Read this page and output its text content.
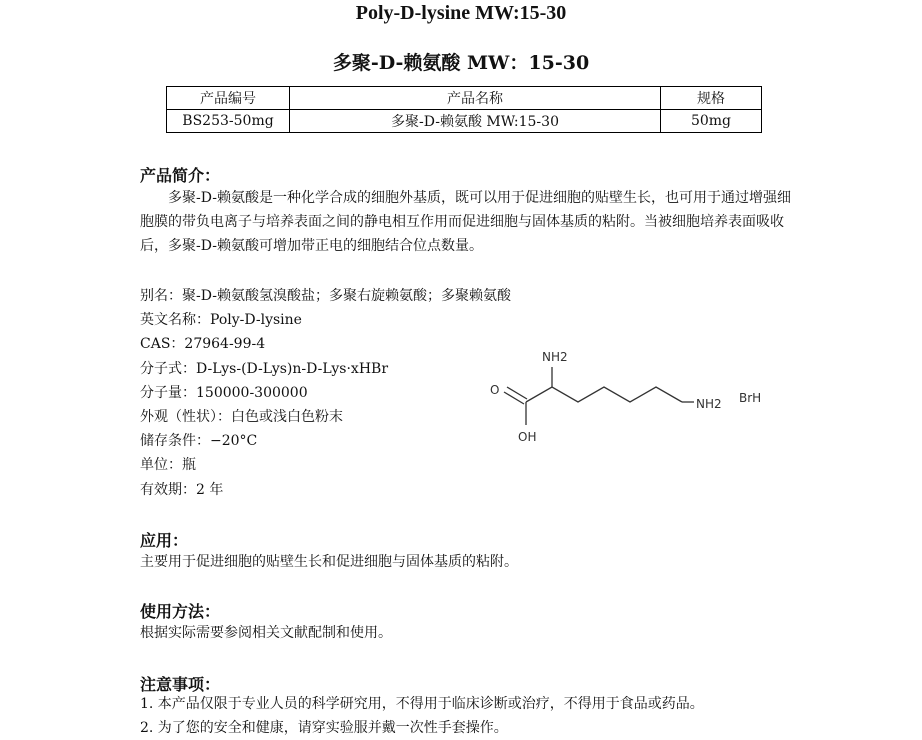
Poly-D-lysine MW:15-30
多聚-D-赖氨酸 MW：15-30
产品编号	产品名称	规格
BS253-50mg	多聚-D-赖氨酸 MW:15-30	50mg
产品简介：
多聚-D-赖氨酸是一种化学合成的细胞外基质，既可以用于促进细胞的贴壁生长，也可用于通过增强细胞膜的带负电离子与培养表面之间的静电相互作用而促进细胞与固体基质的粘附。当被细胞培养表面吸收后，多聚-D-赖氨酸可增加带正电的细胞结合位点数量。
别名：聚-D-赖氨酸氢溴酸盐；多聚右旋赖氨酸；多聚赖氨酸
英文名称：Poly-D-lysine
CAS：27964-99-4
分子式：D-Lys-(D-Lys)n-D-Lys·xHBr
分子量：150000-300000
外观（性状）：白色或浅白色粉末
储存条件：−20°C
单位：瓶
有效期：2 年
NH2
O
OH
NH2 BrH
应用：
主要用于促进细胞的贴壁生长和促进细胞与固体基质的粘附。
使用方法：
根据实际需要参阅相关文献配制和使用。
注意事项：
1. 本产品仅限于专业人员的科学研究用，不得用于临床诊断或治疗，不得用于食品或药品。
2. 为了您的安全和健康，请穿实验服并戴一次性手套操作。
